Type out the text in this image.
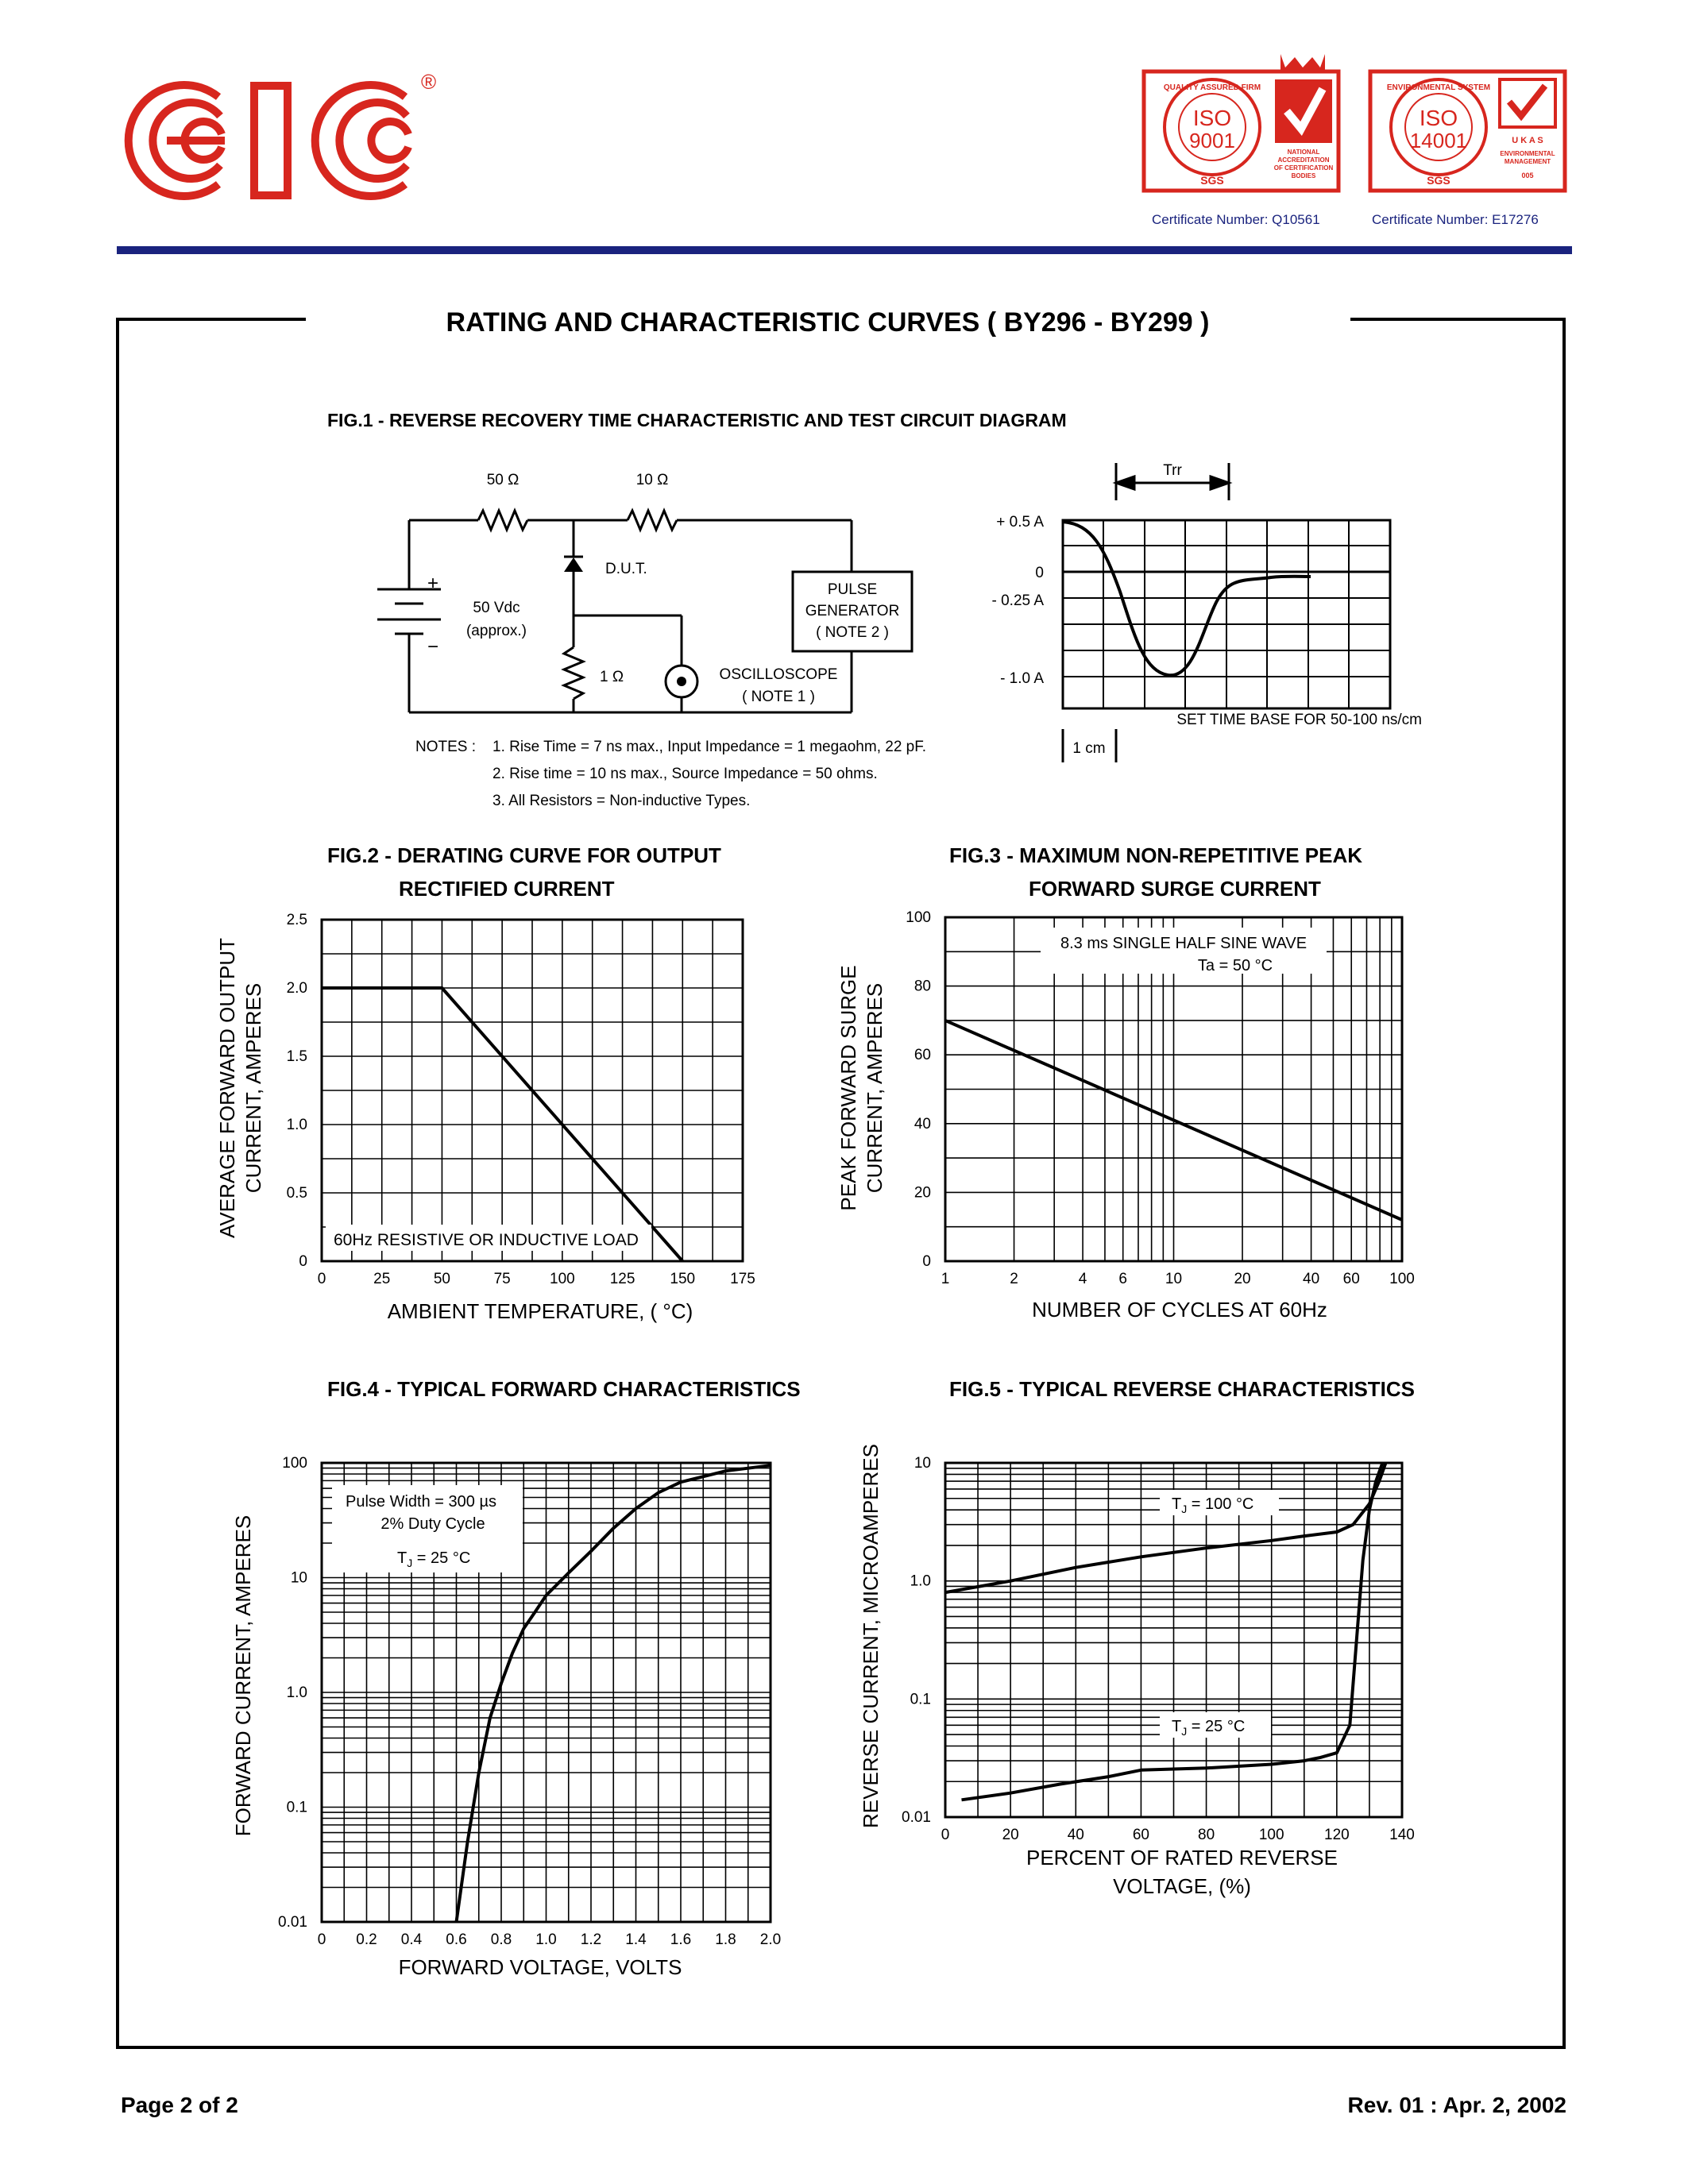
®	QUALITY ASSURED FIRM
ISO
9001
SGS
NATIONAL
ACCREDITATION
OF CERTIFICATION
BODIES
Certificate Number: Q10561
ENVIRONMENTAL SYSTEM
ISO
14001
SGS
U K A S
ENVIRONMENTAL
MANAGEMENT
005
Certificate Number: E17276
RATING AND CHARACTERISTIC CURVES ( BY296 - BY299 )
FIG.1 - REVERSE RECOVERY TIME CHARACTERISTIC AND TEST CIRCUIT DIAGRAM
50 Ω	10 Ω
D.U.T.
+
−
50 Vdc
(approx.)
1 Ω
PULSE
GENERATOR
( NOTE 2 )
OSCILLOSCOPE
( NOTE 1 )
NOTES : 1. Rise Time = 7 ns max., Input Impedance = 1 megaohm, 22 pF.
2. Rise time = 10 ns max., Source Impedance = 50 ohms.
3. All Resistors = Non-inductive Types.
Trr
+ 0.5 A
0
- 0.25 A
- 1.0 A
SET TIME BASE FOR 50-100 ns/cm
1 cm
FIG.2 - DERATING CURVE FOR OUTPUT
RECTIFIED CURRENT
0	25	50	75	100 125 150 175
0
0.5
1.0
1.5
2.0
2.5
60Hz RESISTIVE OR INDUCTIVE LOAD
AMBIENT TEMPERATURE, ( °C)
AVERAGE FORWARD OUTPUT CURRENT, AMPERES
FIG.3 - MAXIMUM NON-REPETITIVE PEAK
FORWARD SURGE CURRENT
1	2	4 6	10	20	40 60 100
0
20
40
60
80
100
8.3 ms SINGLE HALF SINE WAVE
Ta = 50 °C
NUMBER OF CYCLES AT 60Hz
PEAK FORWARD SURGE CURRENT, AMPERES
FIG.4 - TYPICAL FORWARD CHARACTERISTICS
0 0.2 0.4 0.6 0.8 1.0 1.2 1.4 1.6 1.8 2.0
0.01
0.1
1.0
10
100
Pulse Width = 300 µs
2% Duty Cycle
$T_J = 25$ °C
FORWARD VOLTAGE, VOLTS
FORWARD CURRENT, AMPERES
FIG.5 - TYPICAL REVERSE CHARACTERISTICS
0	20	40	60	80	100	120	140
0.01
0.1
1.0
10
$T_J = 100$ °C
$T_J = 25$ °C
PERCENT OF RATED REVERSE
VOLTAGE, (%)
REVERSE CURRENT, MICROAMPERES
Page 2 of 2	Rev. 01 : Apr. 2, 2002
